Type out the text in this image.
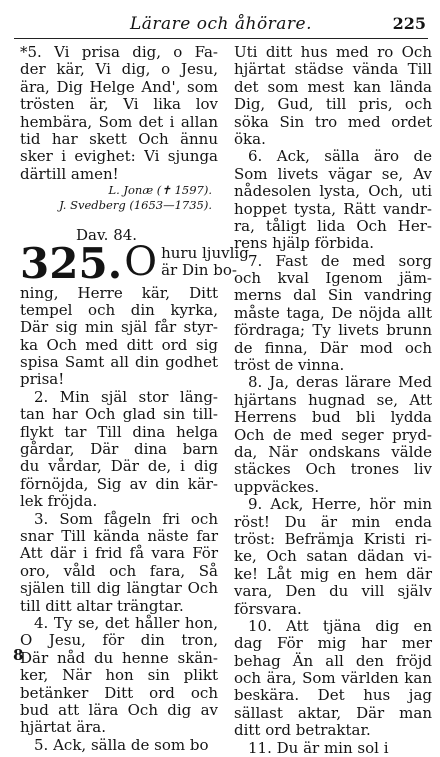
Lärare och åhörare.	225
*5. Vi prisa dig, o Fa-
der kär, Vi dig, o Jesu,
ära, Dig Helge And', som
trösten är, Vi lika lov
hembära, Som det i allan
tid har skett Och ännu
sker i evighet: Vi sjunga
därtill amen!
L. Jonæ (✝ 1597).
J. Svedberg (1653—1735).
Dav. 84.
325. O huru ljuvlig
är Din bo-
ning, Herre kär, Ditt
tempel och din kyrka,
Där sig min själ får styr-
ka Och med ditt ord sig
spisa Samt all din godhet
prisa!
2. Min själ stor läng-
tan har Och glad sin till-
flykt tar Till dina helga
gårdar, Där dina barn
du vårdar, Där de, i dig
förnöjda, Sig av din kär-
lek fröjda.
3. Som fågeln fri och
snar Till kända näste far
Att där i frid få vara För
oro, våld och fara, Så
själen till dig längtar Och
till ditt altar trängtar.
4. Ty se, det håller hon,
O Jesu, för din tron,
Där nåd du henne skän-
ker, När hon sin plikt
betänker Ditt ord och
bud att lära Och dig av
hjärtat ära.
5. Ack, sälla de som bo
Uti ditt hus med ro Och
hjärtat städse vända Till
det som mest kan lända
Dig, Gud, till pris, och
söka Sin tro med ordet
öka.
6. Ack, sälla äro de
Som livets vägar se, Av
nådesolen lysta, Och, uti
hoppet tysta, Rätt vandr-
ra, tåligt lida Och Her-
rens hjälp förbida.
7. Fast de med sorg
och kval Igenom jäm-
merns dal Sin vandring
måste taga, De nöjda allt
fördraga; Ty livets brunn
de finna, Där mod och
tröst de vinna.
8. Ja, deras lärare Med
hjärtans hugnad se, Att
Herrens bud bli lydda
Och de med seger pryd-
da, När ondskans välde
stäckes Och trones liv
uppväckes.
9. Ack, Herre, hör min
röst! Du är min enda
tröst: Befrämja Kristi ri-
ke, Och satan dädan vi-
ke! Låt mig en hem där
vara, Den du vill själv
försvara.
10. Att tjäna dig en
dag För mig har mer
behag Än all den fröjd
och ära, Som världen kan
beskära. Det hus jag
sällast aktar, Där man
ditt ord betraktar.
11. Du är min sol i
8
